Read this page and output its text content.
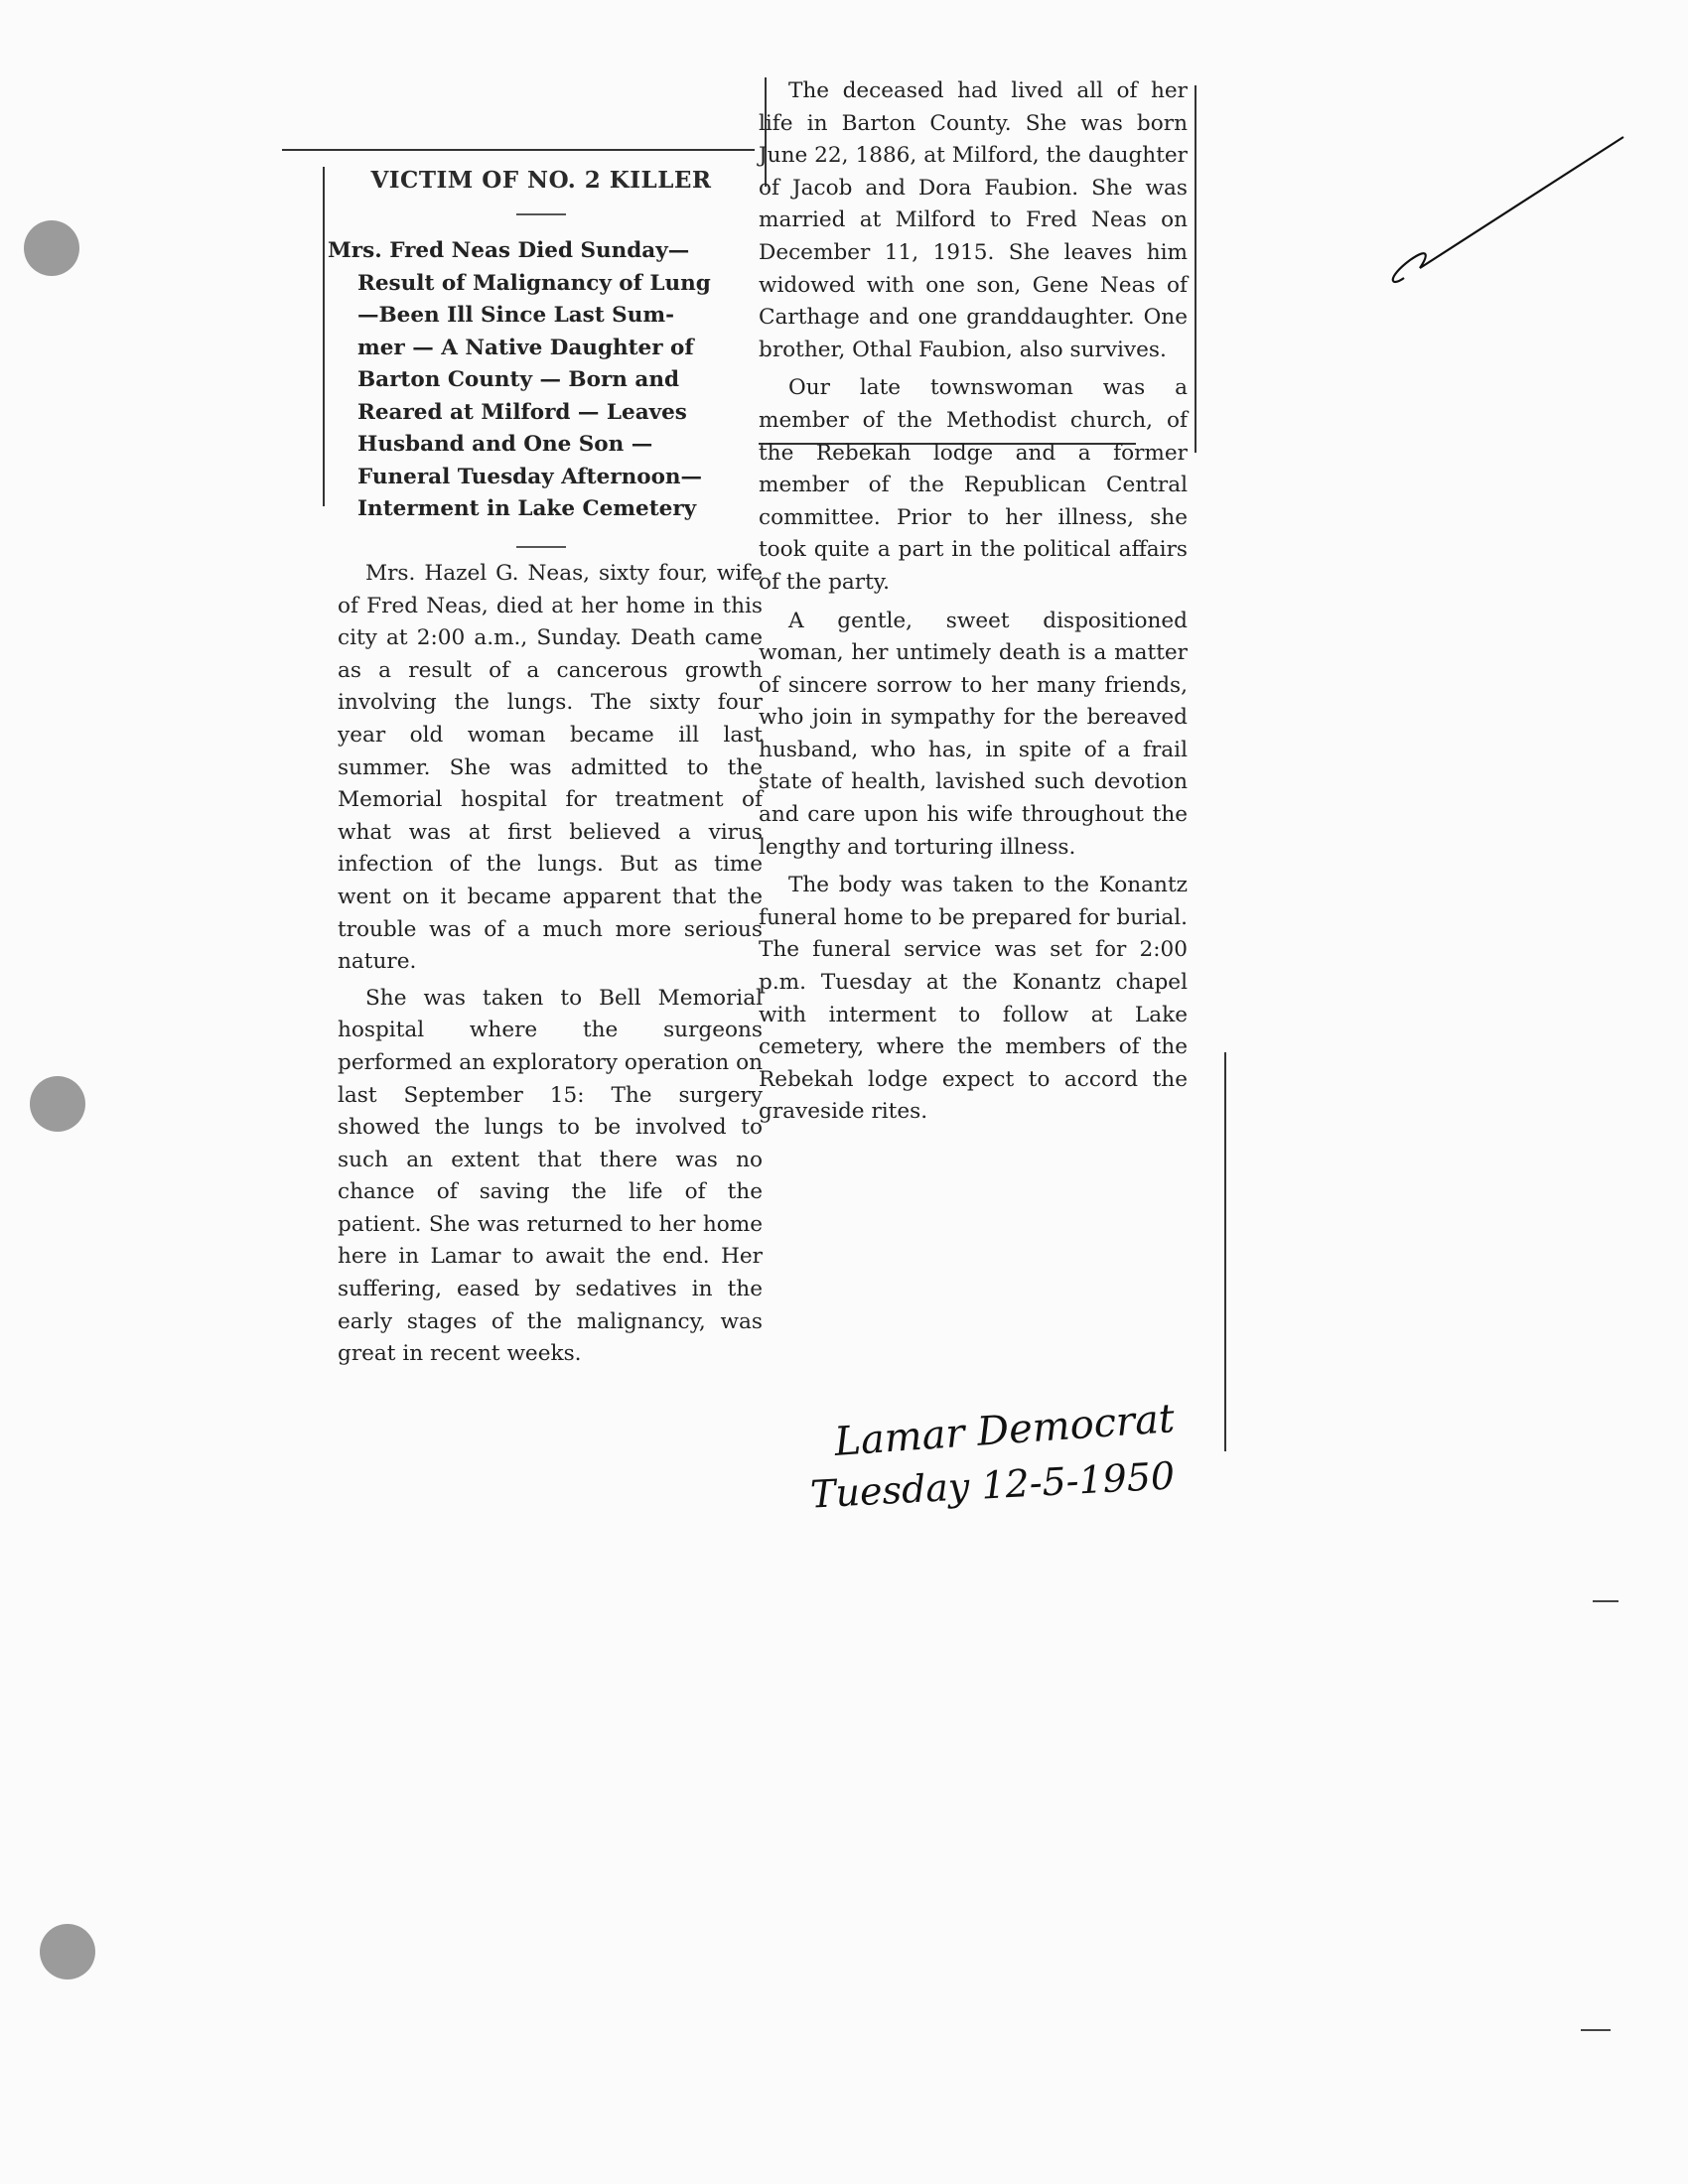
VICTIM OF NO. 2 KILLER

Mrs. Fred Neas Died Sunday—
Result of Malignancy of Lung
—Been Ill Since Last Sum-
mer — A Native Daughter of
Barton County — Born and
Reared at Milford — Leaves
Husband and One Son —
Funeral Tuesday Afternoon—
Interment in Lake Cemetery

Mrs. Hazel G. Neas, sixty four, wife of Fred Neas, died at her home in this city at 2:00 a.m., Sunday. Death came as a result of a cancerous growth involving the lungs. The sixty four year old woman became ill last summer. She was admitted to the Memorial hospital for treatment of what was at first believed a virus infection of the lungs. But as time went on it became apparent that the trouble was of a much more serious nature.

She was taken to Bell Memorial hospital where the surgeons performed an exploratory operation on last September 15: The surgery showed the lungs to be involved to such an extent that there was no chance of saving the life of the patient. She was returned to her home here in Lamar to await the end. Her suffering, eased by sedatives in the early stages of the malignancy, was great in recent weeks.

The deceased had lived all of her life in Barton County. She was born June 22, 1886, at Milford, the daughter of Jacob and Dora Faubion. She was married at Milford to Fred Neas on December 11, 1915. She leaves him widowed with one son, Gene Neas of Carthage and one granddaughter. One brother, Othal Faubion, also survives.

Our late townswoman was a member of the Methodist church, of the Rebekah lodge and a former member of the Republican Central committee. Prior to her illness, she took quite a part in the political affairs of the party.

A gentle, sweet dispositioned woman, her untimely death is a matter of sincere sorrow to her many friends, who join in sympathy for the bereaved husband, who has, in spite of a frail state of health, lavished such devotion and care upon his wife throughout the lengthy and torturing illness.

The body was taken to the Konantz funeral home to be prepared for burial. The funeral service was set for 2:00 p.m. Tuesday at the Konantz chapel with interment to follow at Lake cemetery, where the members of the Rebekah lodge expect to accord the graveside rites.

Lamar Democrat
Tuesday 12-5-1950
